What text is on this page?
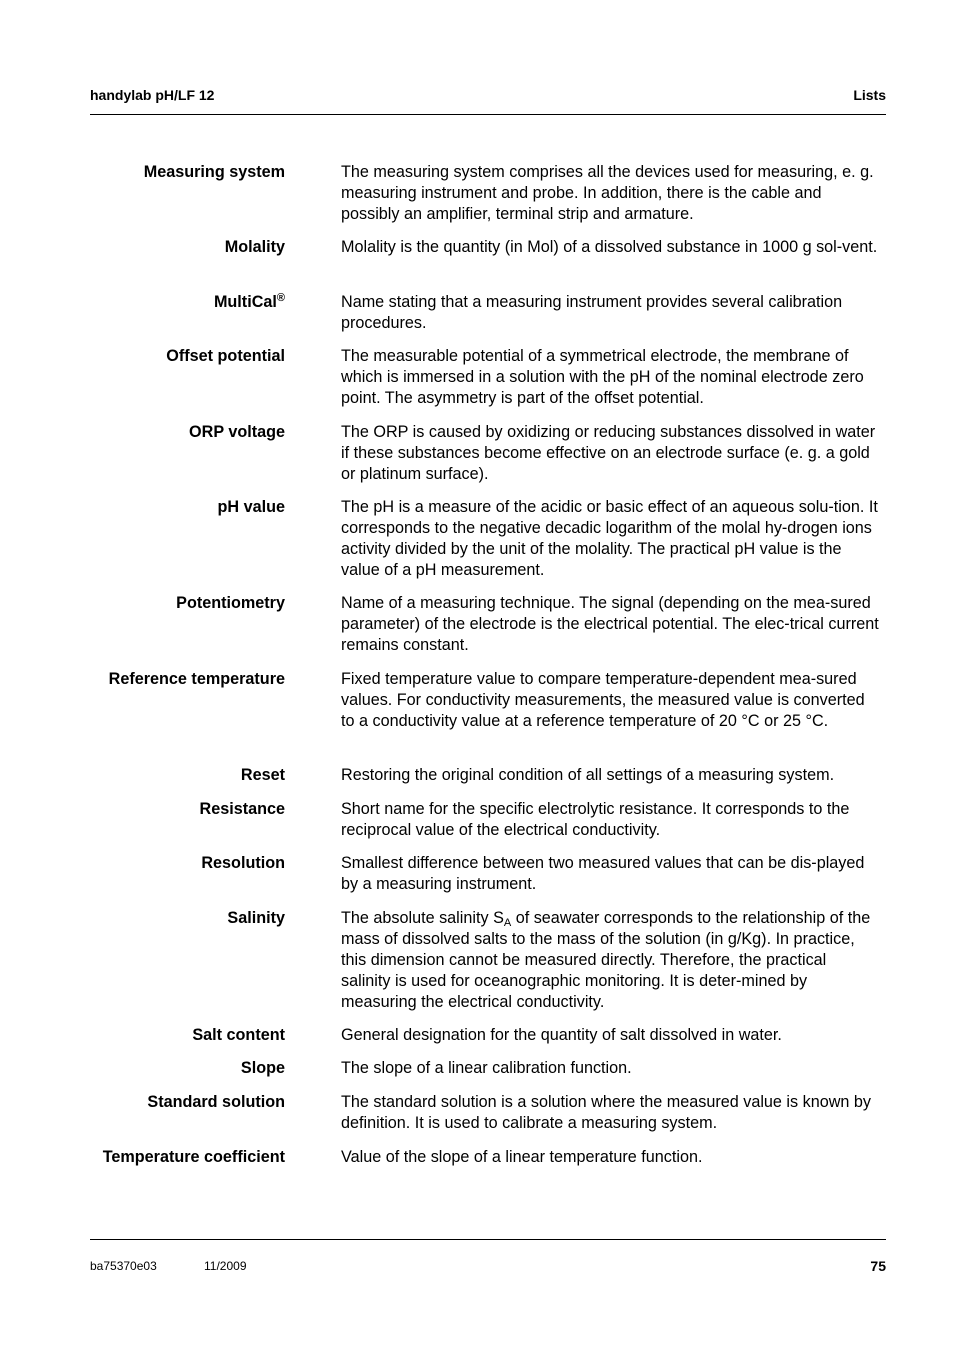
handylab pH/LF 12	Lists
Measuring system	The measuring system comprises all the devices used for measuring, e. g. measuring instrument and probe. In addition, there is the cable and possibly an amplifier, terminal strip and armature.
Molality	Molality is the quantity (in Mol) of a dissolved substance in 1000 g sol-vent.
MultiCal®	Name stating that a measuring instrument provides several calibration procedures.
Offset potential	The measurable potential of a symmetrical electrode, the membrane of which is immersed in a solution with the pH of the nominal electrode zero point. The asymmetry is part of the offset potential.
ORP voltage	The ORP is caused by oxidizing or reducing substances dissolved in water if these substances become effective on an electrode surface (e. g. a gold or platinum surface).
pH value	The pH is a measure of the acidic or basic effect of an aqueous solu-tion. It corresponds to the negative decadic logarithm of the molal hy-drogen ions activity divided by the unit of the molality. The practical pH value is the value of a pH measurement.
Potentiometry	Name of a measuring technique. The signal (depending on the mea-sured parameter) of the electrode is the electrical potential. The elec-trical current remains constant.
Reference temperature	Fixed temperature value to compare temperature-dependent mea-sured values. For conductivity measurements, the measured value is converted to a conductivity value at a reference temperature of 20 °C or 25 °C.
Reset	Restoring the original condition of all settings of a measuring system.
Resistance	Short name for the specific electrolytic resistance. It corresponds to the reciprocal value of the electrical conductivity.
Resolution	Smallest difference between two measured values that can be dis-played by a measuring instrument.
Salinity	The absolute salinity $S_A$ of seawater corresponds to the relationship of the mass of dissolved salts to the mass of the solution (in g/Kg). In practice, this dimension cannot be measured directly. Therefore, the practical salinity is used for oceanographic monitoring. It is deter-mined by measuring the electrical conductivity.
Salt content	General designation for the quantity of salt dissolved in water.
Slope	The slope of a linear calibration function.
Standard solution	The standard solution is a solution where the measured value is known by definition. It is used to calibrate a measuring system.
Temperature coefficient	Value of the slope of a linear temperature function.
ba75370e03	11/2009	75
